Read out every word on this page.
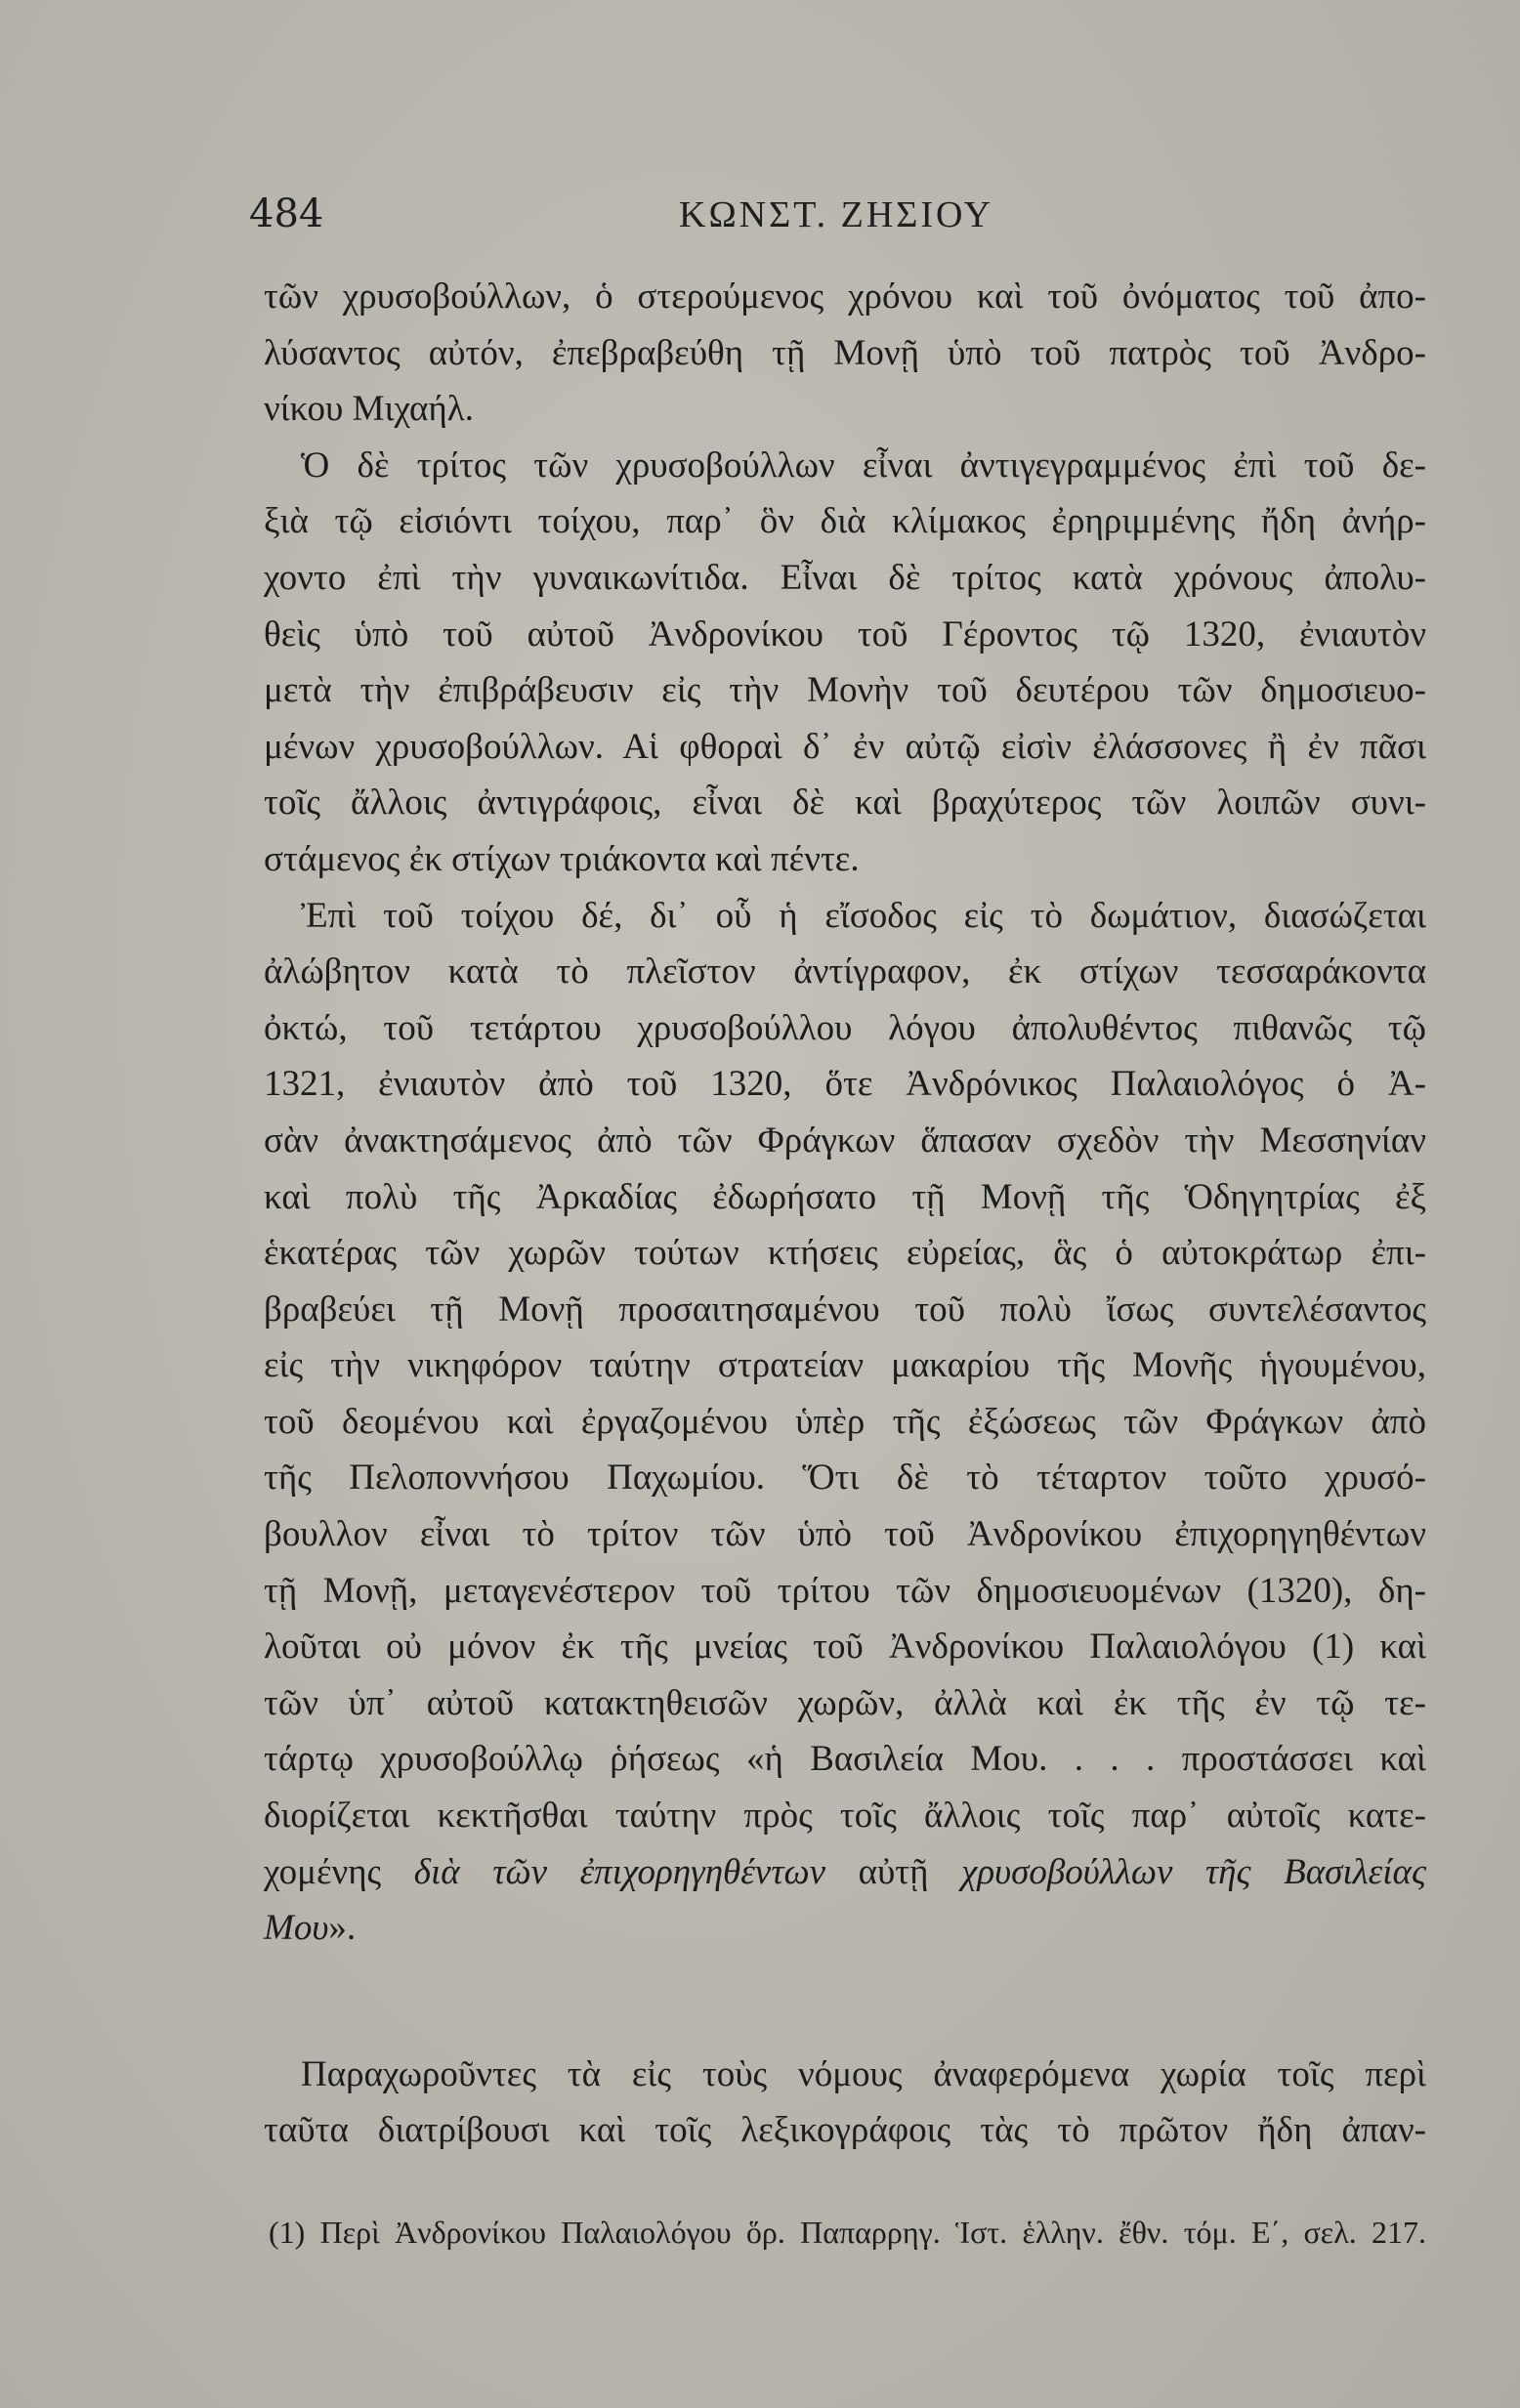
484	ΚΩΝΣΤ. ΖΗΣΙΟΥ
τῶν χρυσοβούλλων, ὁ στερούμενος χρόνου καὶ τοῦ ὀνόματος τοῦ ἀπο-
λύσαντος αὐτόν, ἐπεβραβεύθη τῇ Μονῇ ὑπὸ τοῦ πατρὸς τοῦ Ἀνδρο-
νίκου Μιχαήλ.
Ὁ δὲ τρίτος τῶν χρυσοβούλλων εἶναι ἀντιγεγραμμένος ἐπὶ τοῦ δε-
ξιὰ τῷ εἰσιόντι τοίχου, παρ᾽ ὃν διὰ κλίμακος ἐρηριμμένης ἤδη ἀνήρ-
χοντο ἐπὶ τὴν γυναικωνίτιδα. Εἶναι δὲ τρίτος κατὰ χρόνους ἀπολυ-
θεὶς ὑπὸ τοῦ αὐτοῦ Ἀνδρονίκου τοῦ Γέροντος τῷ 1320, ἐνιαυτὸν
μετὰ τὴν ἐπιβράβευσιν εἰς τὴν Μονὴν τοῦ δευτέρου τῶν δημοσιευο-
μένων χρυσοβούλλων. Αἱ φθοραὶ δ᾽ ἐν αὐτῷ εἰσὶν ἐλάσσονες ἢ ἐν πᾶσι
τοῖς ἄλλοις ἀντιγράφοις, εἶναι δὲ καὶ βραχύτερος τῶν λοιπῶν συνι-
στάμενος ἐκ στίχων τριάκοντα καὶ πέντε.
Ἐπὶ τοῦ τοίχου δέ, δι᾽ οὗ ἡ εἴσοδος εἰς τὸ δωμάτιον, διασώζεται
ἀλώβητον κατὰ τὸ πλεῖστον ἀντίγραφον, ἐκ στίχων τεσσαράκοντα
ὀκτώ, τοῦ τετάρτου χρυσοβούλλου λόγου ἀπολυθέντος πιθανῶς τῷ
1321, ἐνιαυτὸν ἀπὸ τοῦ 1320, ὅτε Ἀνδρόνικος Παλαιολόγος ὁ Ἀ-
σὰν ἀνακτησάμενος ἀπὸ τῶν Φράγκων ἅπασαν σχεδὸν τὴν Μεσσηνίαν
καὶ πολὺ τῆς Ἀρκαδίας ἐδωρήσατο τῇ Μονῇ τῆς Ὁδηγητρίας ἐξ
ἑκατέρας τῶν χωρῶν τούτων κτήσεις εὐρείας, ἃς ὁ αὐτοκράτωρ ἐπι-
βραβεύει τῇ Μονῇ προσαιτησαμένου τοῦ πολὺ ἴσως συντελέσαντος
εἰς τὴν νικηφόρον ταύτην στρατείαν μακαρίου τῆς Μονῆς ἡγουμένου,
τοῦ δεομένου καὶ ἐργαζομένου ὑπὲρ τῆς ἐξώσεως τῶν Φράγκων ἀπὸ
τῆς Πελοποννήσου Παχωμίου. Ὅτι δὲ τὸ τέταρτον τοῦτο χρυσό-
βουλλον εἶναι τὸ τρίτον τῶν ὑπὸ τοῦ Ἀνδρονίκου ἐπιχορηγηθέντων
τῇ Μονῇ, μεταγενέστερον τοῦ τρίτου τῶν δημοσιευομένων (1320), δη-
λοῦται οὐ μόνον ἐκ τῆς μνείας τοῦ Ἀνδρονίκου Παλαιολόγου (1) καὶ
τῶν ὑπ᾽ αὐτοῦ κατακτηθεισῶν χωρῶν, ἀλλὰ καὶ ἐκ τῆς ἐν τῷ τε-
τάρτῳ χρυσοβούλλῳ ῥήσεως «ἡ Βασιλεία Μου. . . . προστάσσει καὶ
διορίζεται κεκτῆσθαι ταύτην πρὸς τοῖς ἄλλοις τοῖς παρ᾽ αὐτοῖς κατε-
χομένης διὰ τῶν ἐπιχορηγηθέντων αὐτῇ χρυσοβούλλων τῆς Βασιλείας
Μου».
Παραχωροῦντες τὰ εἰς τοὺς νόμους ἀναφερόμενα χωρία τοῖς περὶ
ταῦτα διατρίβουσι καὶ τοῖς λεξικογράφοις τὰς τὸ πρῶτον ἤδη ἀπαν-
(1) Περὶ Ἀνδρονίκου Παλαιολόγου ὅρ. Παπαρρηγ. Ἱστ. ἑλλην. ἔθν. τόμ. Ε΄, σελ. 217.
